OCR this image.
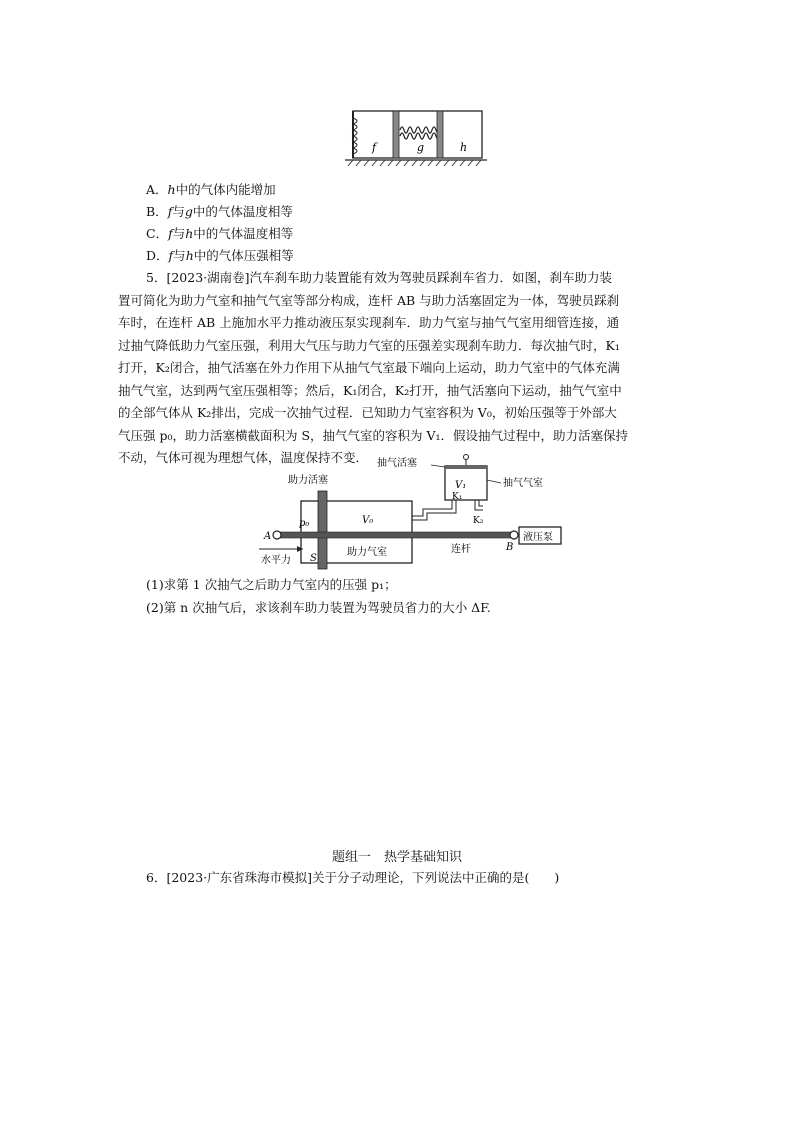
f	g	h
A．h中的气体内能增加
B．f与g中的气体温度相等
C．f与h中的气体温度相等
D．f与h中的气体压强相等
5．[2023·湖南卷]汽车刹车助力装置能有效为驾驶员踩刹车省力．如图，刹车助力装
置可简化为助力气室和抽气气室等部分构成，连杆 AB 与助力活塞固定为一体，驾驶员踩刹
车时，在连杆 AB 上施加水平力推动液压泵实现刹车．助力气室与抽气气室用细管连接，通
过抽气降低助力气室压强，利用大气压与助力气室的压强差实现刹车助力．每次抽气时，K₁
打开，K₂闭合，抽气活塞在外力作用下从抽气气室最下端向上运动，助力气室中的气体充满
抽气气室，达到两气室压强相等；然后，K₁闭合，K₂打开，抽气活塞向下运动，抽气气室中
的全部气体从 K₂排出，完成一次抽气过程．已知助力气室容积为 V₀，初始压强等于外部大
气压强 p₀，助力活塞横截面积为 S，抽气气室的容积为 V₁．假设抽气过程中，助力活塞保持
不动，气体可视为理想气体，温度保持不变．
V₁
K₁
K₂
抽气活塞
抽气气室
液压泵
助力活塞
p₀	V₀
助力气室	连杆
A
B
S
水平力
(1)求第 1 次抽气之后助力气室内的压强 p₁；
(2)第 n 次抽气后，求该刹车助力装置为驾驶员省力的大小 ΔF.
题组一　热学基础知识
6．[2023·广东省珠海市模拟]关于分子动理论，下列说法中正确的是(　　)
